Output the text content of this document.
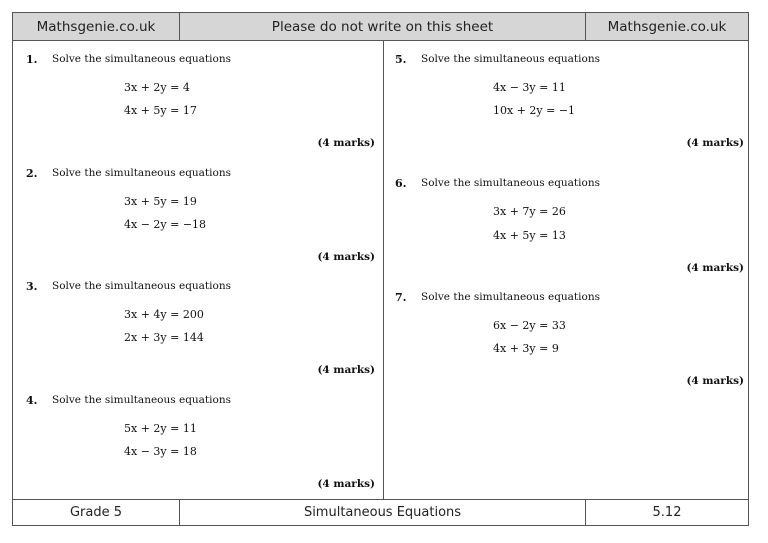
Mathsgenie.co.uk	Please do not write on this sheet	Mathsgenie.co.uk
1. Solve the simultaneous equations
3x + 2y = 4
4x + 5y = 17
(4 marks)
2. Solve the simultaneous equations
3x + 5y = 19
4x − 2y = −18
(4 marks)
3. Solve the simultaneous equations
3x + 4y = 200
2x + 3y = 144
(4 marks)
4. Solve the simultaneous equations
5x + 2y = 11
4x − 3y = 18
(4 marks)
5. Solve the simultaneous equations
4x − 3y = 11
10x + 2y = −1
(4 marks)
6. Solve the simultaneous equations
3x + 7y = 26
4x + 5y = 13
(4 marks)
7. Solve the simultaneous equations
6x − 2y = 33
4x + 3y = 9
(4 marks)
Grade 5	Simultaneous Equations	5.12
